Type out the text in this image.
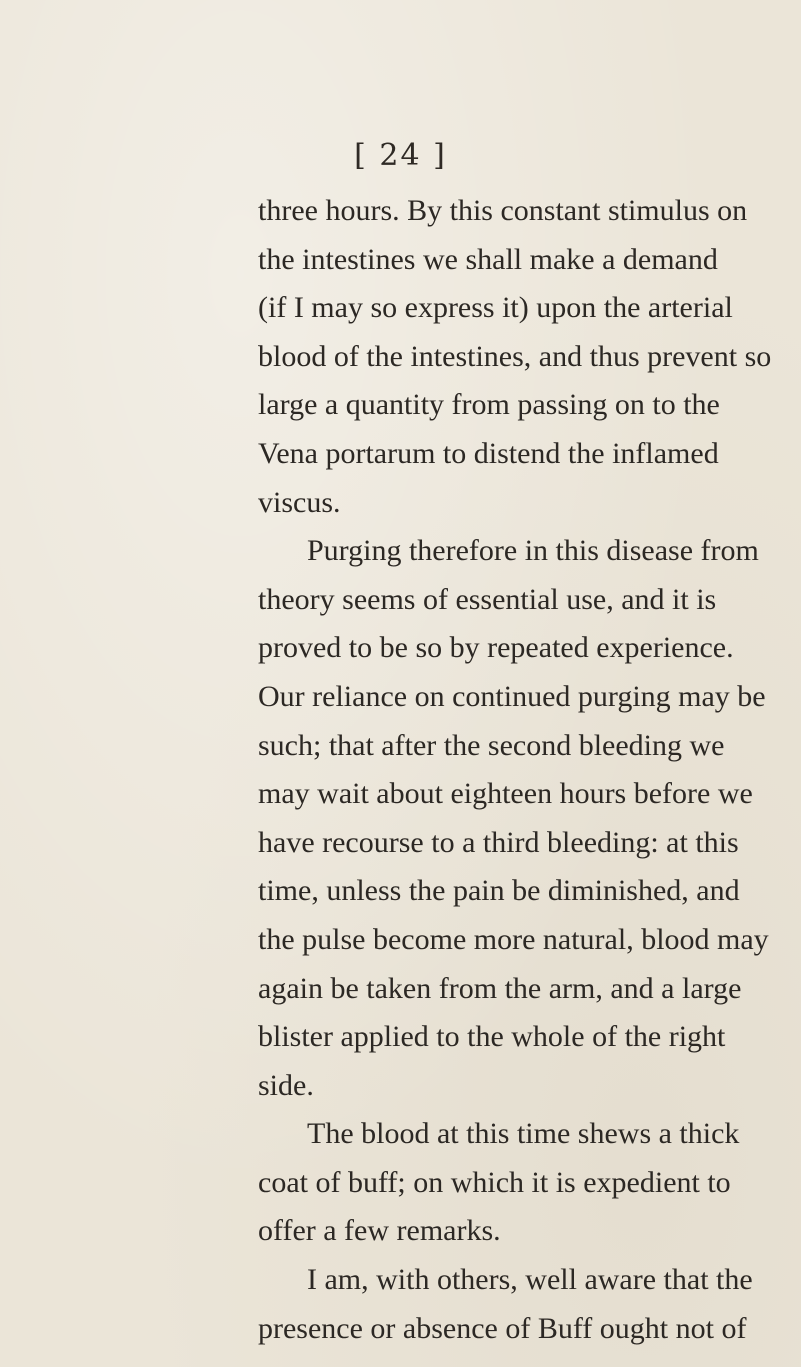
[ 24 ]
three hours. By this constant stimulus on
the intestines we shall make a demand
(if I may so express it) upon the arterial
blood of the intestines, and thus prevent so
large a quantity from passing on to the
Vena portarum to distend the inflamed
viscus.
Purging therefore in this disease from
theory seems of essential use, and it is
proved to be so by repeated experience.
Our reliance on continued purging may be
such; that after the second bleeding we
may wait about eighteen hours before we
have recourse to a third bleeding: at this
time, unless the pain be diminished, and
the pulse become more natural, blood may
again be taken from the arm, and a large
blister applied to the whole of the right
side.
The blood at this time shews a thick
coat of buff; on which it is expedient to
offer a few remarks.
I am, with others, well aware that the
presence or absence of Buff ought not of
